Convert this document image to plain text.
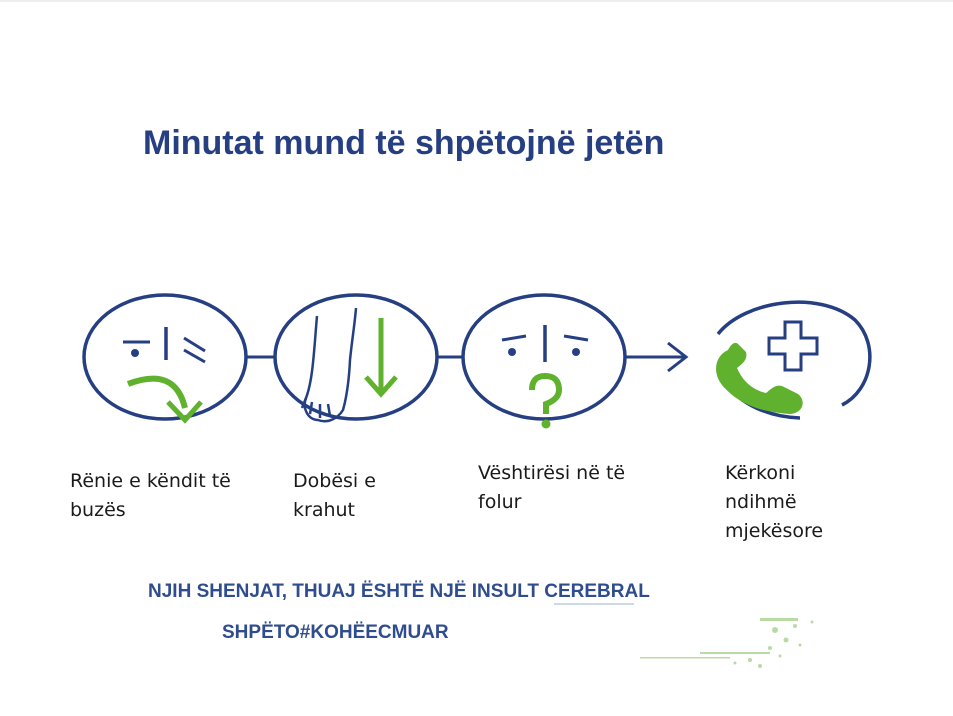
Minutat mund të shpëtojnë jetën
Rënie e këndit të
buzës
Dobësi e
krahut
Vështirësi në të
folur
Kërkoni
ndihmë
mjekësore
NJIH SHENJAT, THUAJ ËSHTË NJË INSULT CEREBRAL
SHPËTO#KOHËECMUAR
